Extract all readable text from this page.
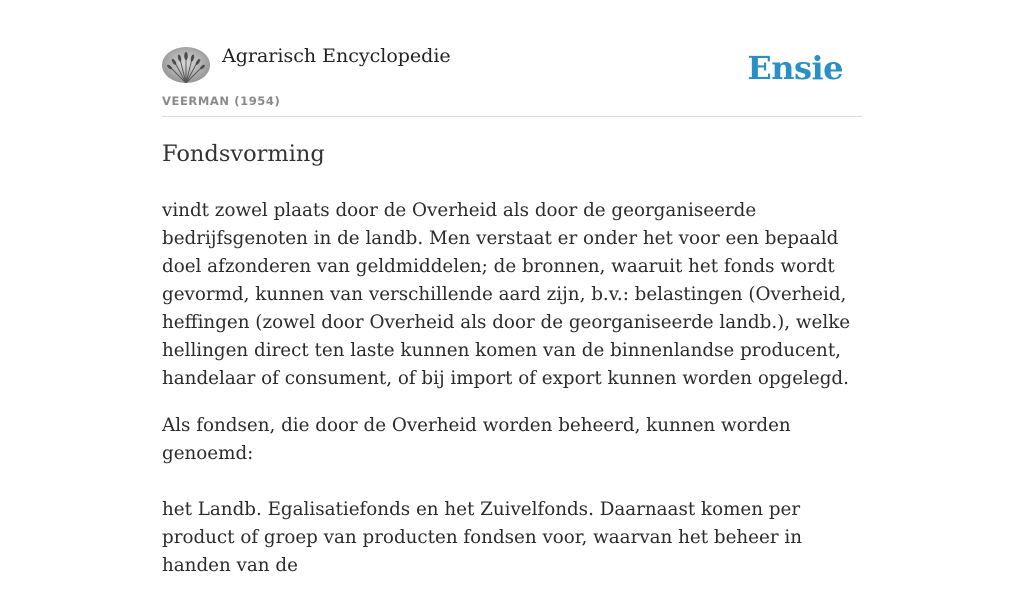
Agrarisch Encyclopedie	Ensie
VEERMAN (1954)
Fondsvorming

vindt zowel plaats door de Overheid als door de georganiseerde bedrijfsgenoten in de landb. Men verstaat er onder het voor een bepaald doel afzonderen van geldmiddelen; de bronnen, waaruit het fonds wordt gevormd, kunnen van verschillende aard zijn, b.v.: belastingen (Overheid, heffingen (zowel door Overheid als door de georganiseerde landb.), welke hellingen direct ten laste kunnen komen van de binnenlandse producent, handelaar of consument, of bij import of export kunnen worden opgelegd.

Als fondsen, die door de Overheid worden beheerd, kunnen worden genoemd:

het Landb. Egalisatiefonds en het Zuivelfonds. Daarnaast komen per product of groep van producten fondsen voor, waarvan het beheer in handen van de
